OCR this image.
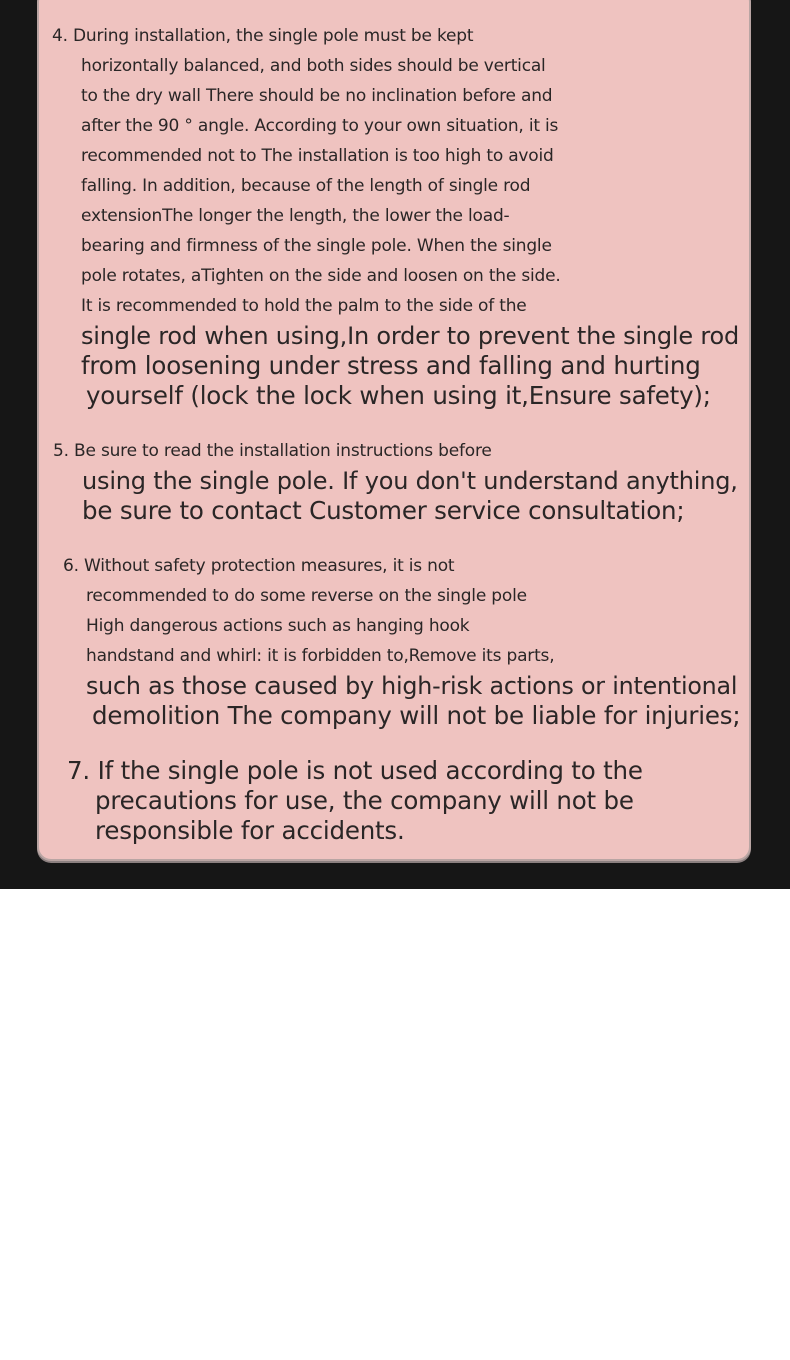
4. During installation, the single pole must be kept
horizontally balanced, and both sides should be vertical
to the dry wall There should be no inclination before and
after the 90 ° angle. According to your own situation, it is
recommended not to The installation is too high to avoid
falling. In addition, because of the length of single rod
extensionThe longer the length, the lower the load-
bearing and firmness of the single pole. When the single
pole rotates, aTighten on the side and loosen on the side.
It is recommended to hold the palm to the side of the
single rod when using,In order to prevent the single rod
from loosening under stress and falling and hurting
yourself (lock the lock when using it,Ensure safety);
5. Be sure to read the installation instructions before
using the single pole. If you don't understand anything,
be sure to contact Customer service consultation;
6. Without safety protection measures, it is not
recommended to do some reverse on the single pole
High dangerous actions such as hanging hook
handstand and whirl: it is forbidden to,Remove its parts,
such as those caused by high-risk actions or intentional
demolition The company will not be liable for injuries;
7. If the single pole is not used according to the
precautions for use, the company will not be
responsible for accidents.
